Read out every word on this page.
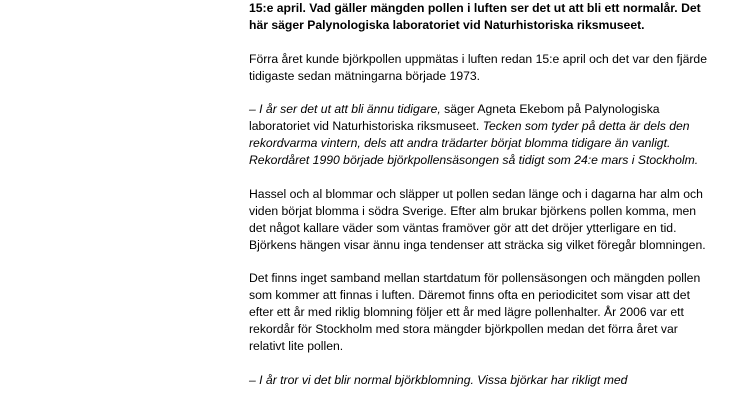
15:e april. Vad gäller mängden pollen i luften ser det ut att bli ett normalår. Det här säger Palynologiska laboratoriet vid Naturhistoriska riksmuseet.

Förra året kunde björkpollen uppmätas i luften redan 15:e april och det var den fjärde tidigaste sedan mätningarna började 1973.

– I år ser det ut att bli ännu tidigare, säger Agneta Ekebom på Palynologiska laboratoriet vid Naturhistoriska riksmuseet. Tecken som tyder på detta är dels den rekordvarma vintern, dels att andra trädarter börjat blomma tidigare än vanligt. Rekordåret 1990 började björkpollensäsongen så tidigt som 24:e mars i Stockholm.

Hassel och al blommar och släpper ut pollen sedan länge och i dagarna har alm och viden börjat blomma i södra Sverige. Efter alm brukar björkens pollen komma, men det något kallare väder som väntas framöver gör att det dröjer ytterligare en tid. Björkens hängen visar ännu inga tendenser att sträcka sig vilket föregår blomningen.

Det finns inget samband mellan startdatum för pollensäsongen och mängden pollen som kommer att finnas i luften. Däremot finns ofta en periodicitet som visar att det efter ett år med riklig blomning följer ett år med lägre pollenhalter. År 2006 var ett rekordår för Stockholm med stora mängder björkpollen medan det förra året var relativt lite pollen.

– I år tror vi det blir normal björkblomning. Vissa björkar har rikligt med
